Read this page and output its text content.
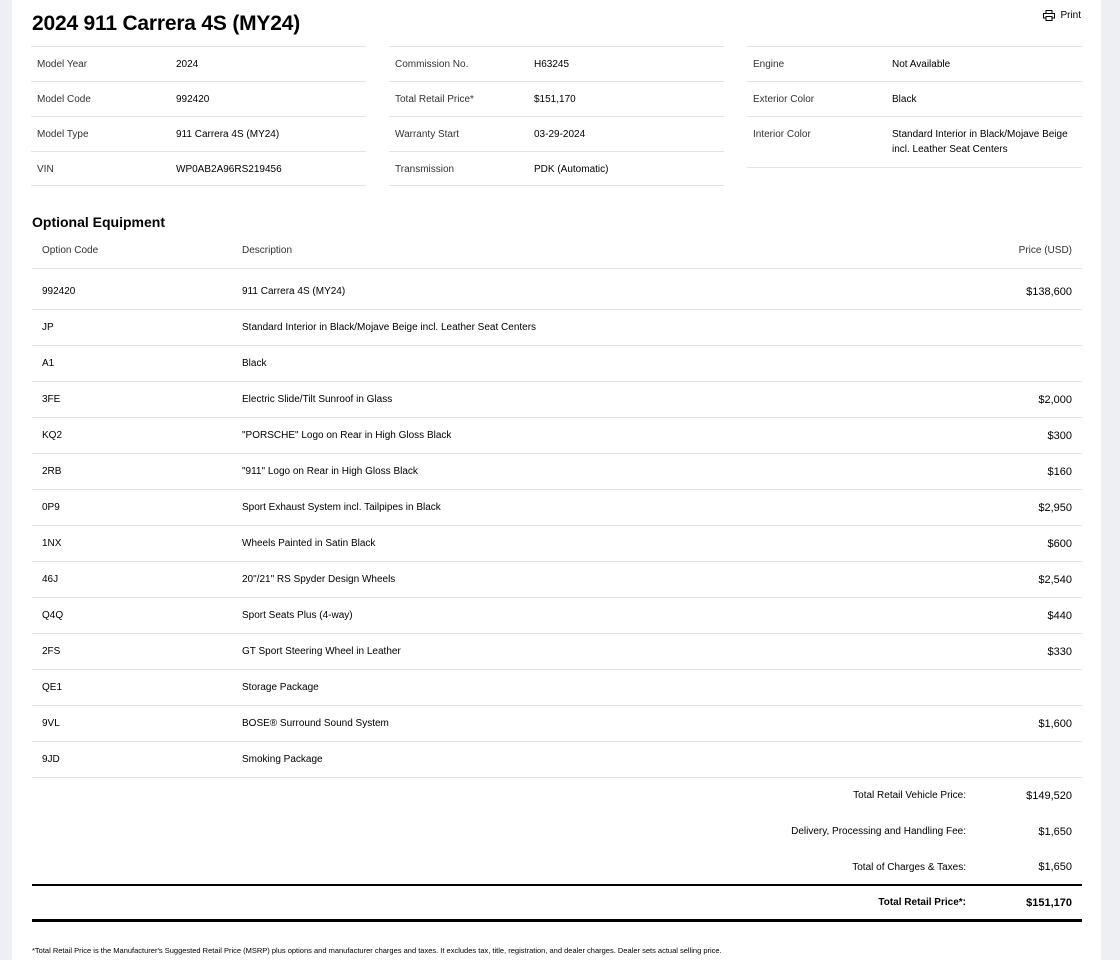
2024 911 Carrera 4S (MY24)	Print
Model Year	2024
Model Code	992420
Model Type	911 Carrera 4S (MY24)
VIN	WP0AB2A96RS219456
Commission No.	H63245
Total Retail Price*	$151,170
Warranty Start	03-29-2024
Transmission	PDK (Automatic)
Engine	Not Available
Exterior Color	Black
Interior Color	Standard Interior in Black/Mojave Beige incl. Leather Seat Centers
Optional Equipment
Option Code	Description	Price (USD)
992420	911 Carrera 4S (MY24)	$138,600
JP	Standard Interior in Black/Mojave Beige incl. Leather Seat Centers
A1	Black
3FE	Electric Slide/Tilt Sunroof in Glass	$2,000
KQ2	"PORSCHE" Logo on Rear in High Gloss Black	$300
2RB	"911" Logo on Rear in High Gloss Black	$160
0P9	Sport Exhaust System incl. Tailpipes in Black	$2,950
1NX	Wheels Painted in Satin Black	$600
46J	20"/21" RS Spyder Design Wheels	$2,540
Q4Q	Sport Seats Plus (4-way)	$440
2FS	GT Sport Steering Wheel in Leather	$330
QE1	Storage Package
9VL	BOSE® Surround Sound System	$1,600
9JD	Smoking Package
Total Retail Vehicle Price:	$149,520
Delivery, Processing and Handling Fee:	$1,650
Total of Charges & Taxes:	$1,650
Total Retail Price*:	$151,170
*Total Retail Price is the Manufacturer's Suggested Retail Price (MSRP) plus options and manufacturer charges and taxes. It excludes tax, title, registration, and dealer charges. Dealer sets actual selling price.
